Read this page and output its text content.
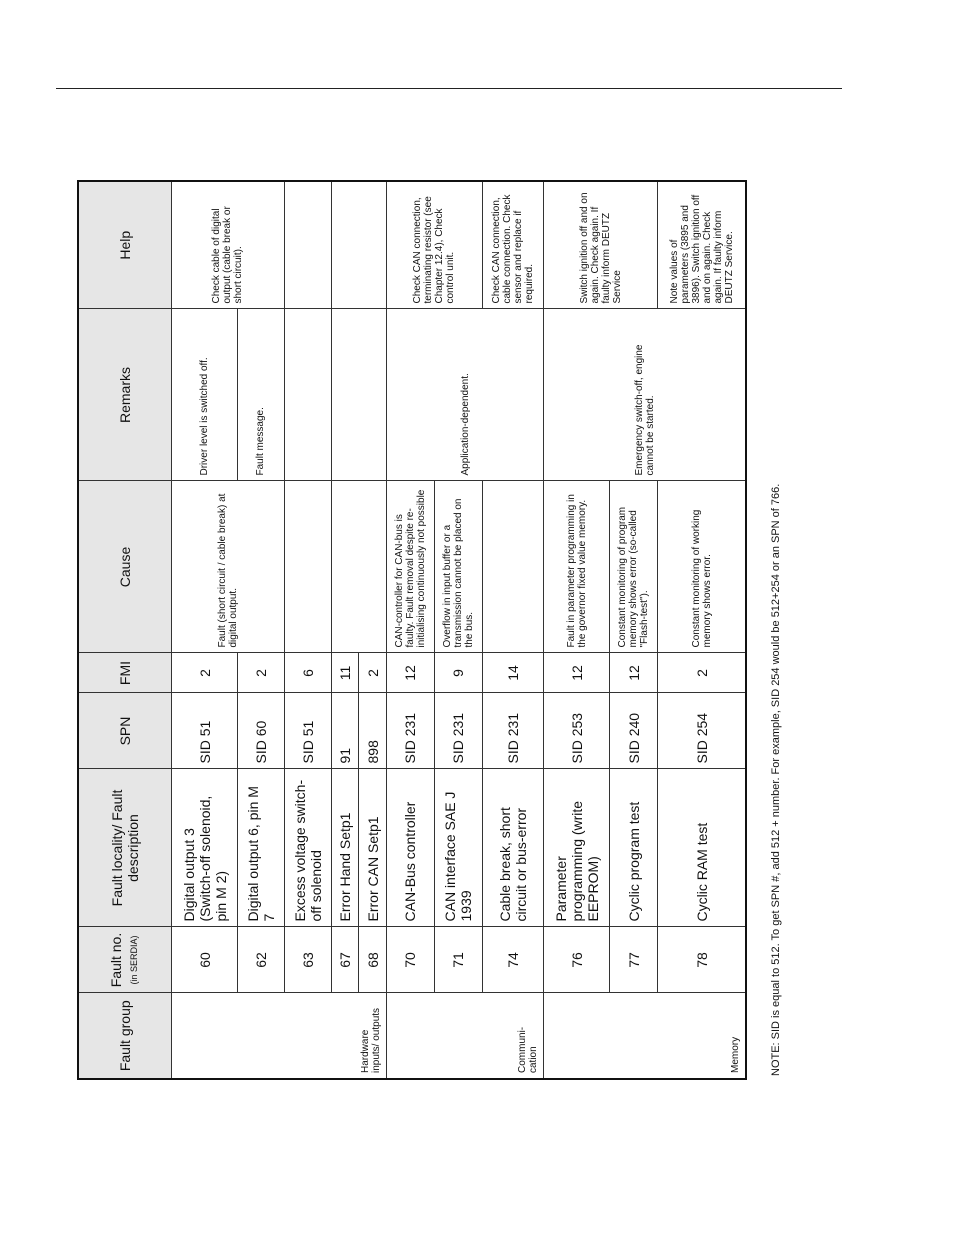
Fault group	Fault no. (in SERDIA)	Fault locality/ Fault description	SPN	FMI	Cause	Remarks	Help
Hardware inputs/ outputs	60	Digital output 3 (Switch-off solenoid, pin M 2)	SID 51	2	Fault (short circuit / cable break) at digital output.	Driver level is switched off.	Check cable of digital output (cable break or short circuit).
	62	Digital output 6, pin M 7	SID 60	2		Fault message.	
	63	Excess voltage switch-off solenoid	SID 51	6			
	67	Error Hand Setp1	91	11			
	68	Error CAN Setp1	898	2			
Communi- cation	70	CAN-Bus controller	SID 231	12	CAN-controller for CAN-bus is faulty. Fault removal despite re-initialising continuously not possible	Application-dependent.	Check CAN connection, terminating resistor (see Chapter 12.4), Check control unit.
	71	CAN interface SAE J 1939	SID 231	9	Overflow in input buffer or a transmission cannot be placed on the bus.		
	74	Cable break, short circuit or bus-error	SID 231	14			Check CAN connection, cable connection. Check sensor and replace if required.
Memory	76	Parameter programming (write EEPROM)	SID 253	12	Fault in parameter programming in the governor fixed value memory.	Emergency switch-off, engine cannot be started.	Switch ignition off and on again. Check again. If faulty inform DEUTZ Service
	77	Cyclic program test	SID 240	12	Constant monitoring of program memory shows error (so-called "Flash-test").		
	78	Cyclic RAM test	SID 254	2	Constant monitoring of working memory shows error.		Note values of parameters (3895 and 3896). Switch ignition off and on again. Check again. If faulty inform DEUTZ Service.
NOTE: SID is equal to 512. To get SPN #, add 512 + number. For example, SID 254 would be 512+254 or an SPN of 766.
